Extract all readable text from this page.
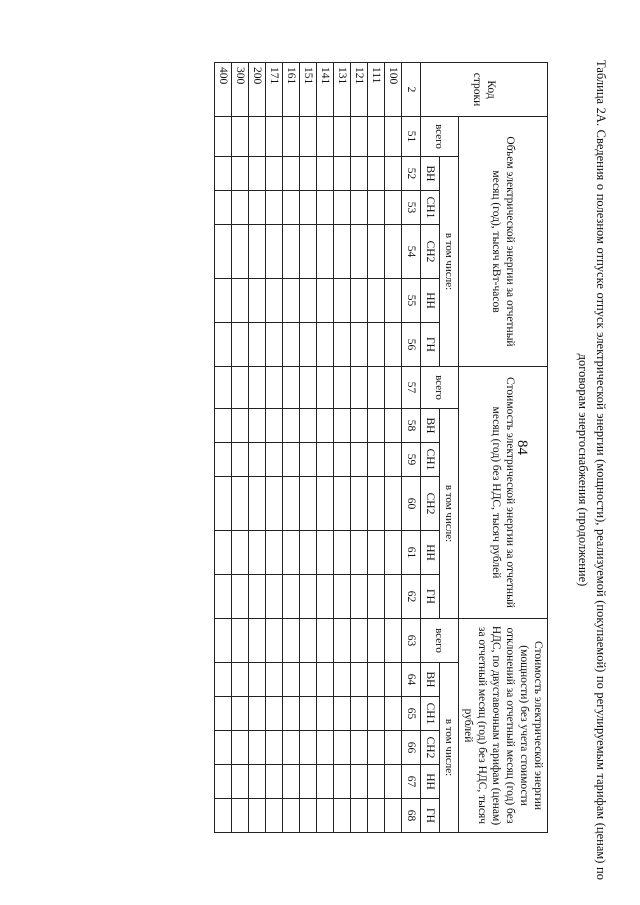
Таблица 2А. Сведения о полезном отпуске отпуск электрической энергии (мощности), реализуемой (покупаемой) по регулируемым тарифам (ценам) по договорам энергоснабжения (продолжение)
84
Код строки	Объем электрической энергии за отчетный месяц (год), тысяч кВт-часов						Стоимость электрической энергии за отчетный месяц (год) без НДС, тысяч рублей						Стоимость электрической энергии (мощности) без учета стоимости отклонений за отчетный месяц (год) без НДС, по двуставочным тарифам (ценам) за отчетный месяц (год) без НДС, тысяч рублей					
	всего	в том числе:					всего	в том числе:					всего	в том числе:				
		ВН	СН1	СН2	НН	ГН		ВН	СН1	СН2	НН	ГН		ВН	СН1	СН2	НН	ГН
2	51	52	53	54	55	56	57	58	59	60	61	62	63	64	65	66	67	68
100																		
111																		
121																		
131																		
141																		
151																		
161																		
171																		
200																		
300																		
400																		
